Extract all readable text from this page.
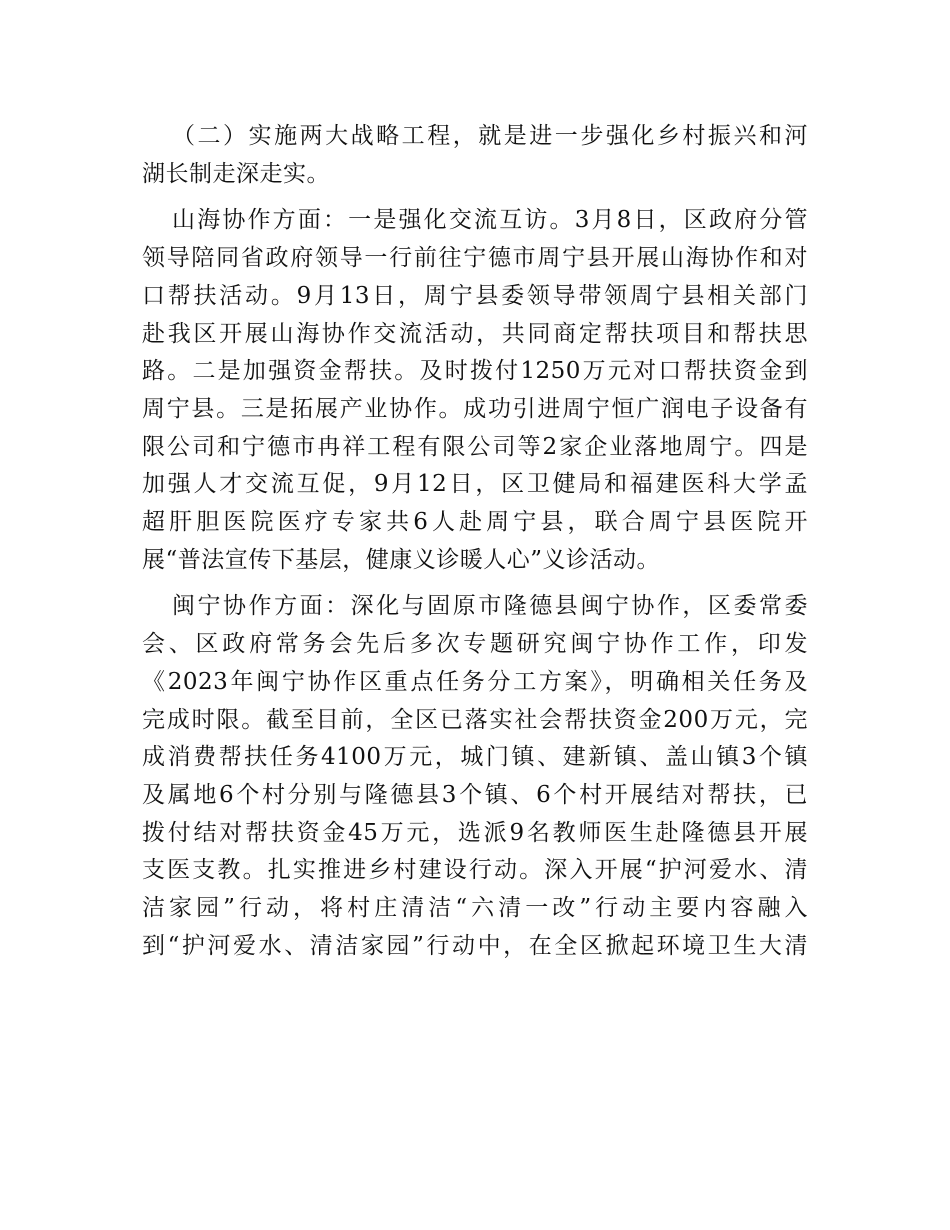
（二）实施两大战略工程，就是进一步强化乡村振兴和河
湖长制走深走实。

山海协作方面：一是强化交流互访。3月8日，区政府分管
领导陪同省政府领导一行前往宁德市周宁县开展山海协作和对
口帮扶活动。9月13日，周宁县委领导带领周宁县相关部门
赴我区开展山海协作交流活动，共同商定帮扶项目和帮扶思
路。二是加强资金帮扶。及时拨付1250万元对口帮扶资金到
周宁县。三是拓展产业协作。成功引进周宁恒广润电子设备有
限公司和宁德市冉祥工程有限公司等2家企业落地周宁。四是
加强人才交流互促，9月12日，区卫健局和福建医科大学孟
超肝胆医院医疗专家共6人赴周宁县，联合周宁县医院开
展“普法宣传下基层，健康义诊暖人心”义诊活动。

闽宁协作方面：深化与固原市隆德县闽宁协作，区委常委
会、区政府常务会先后多次专题研究闽宁协作工作，印发
《2023年闽宁协作区重点任务分工方案》，明确相关任务及
完成时限。截至目前，全区已落实社会帮扶资金200万元，完
成消费帮扶任务4100万元，城门镇、建新镇、盖山镇3个镇
及属地6个村分别与隆德县3个镇、6个村开展结对帮扶，已
拨付结对帮扶资金45万元，选派9名教师医生赴隆德县开展
支医支教。扎实推进乡村建设行动。深入开展“护河爱水、清
洁家园”行动，将村庄清洁“六清一改”行动主要内容融入
到“护河爱水、清洁家园”行动中，在全区掀起环境卫生大清
